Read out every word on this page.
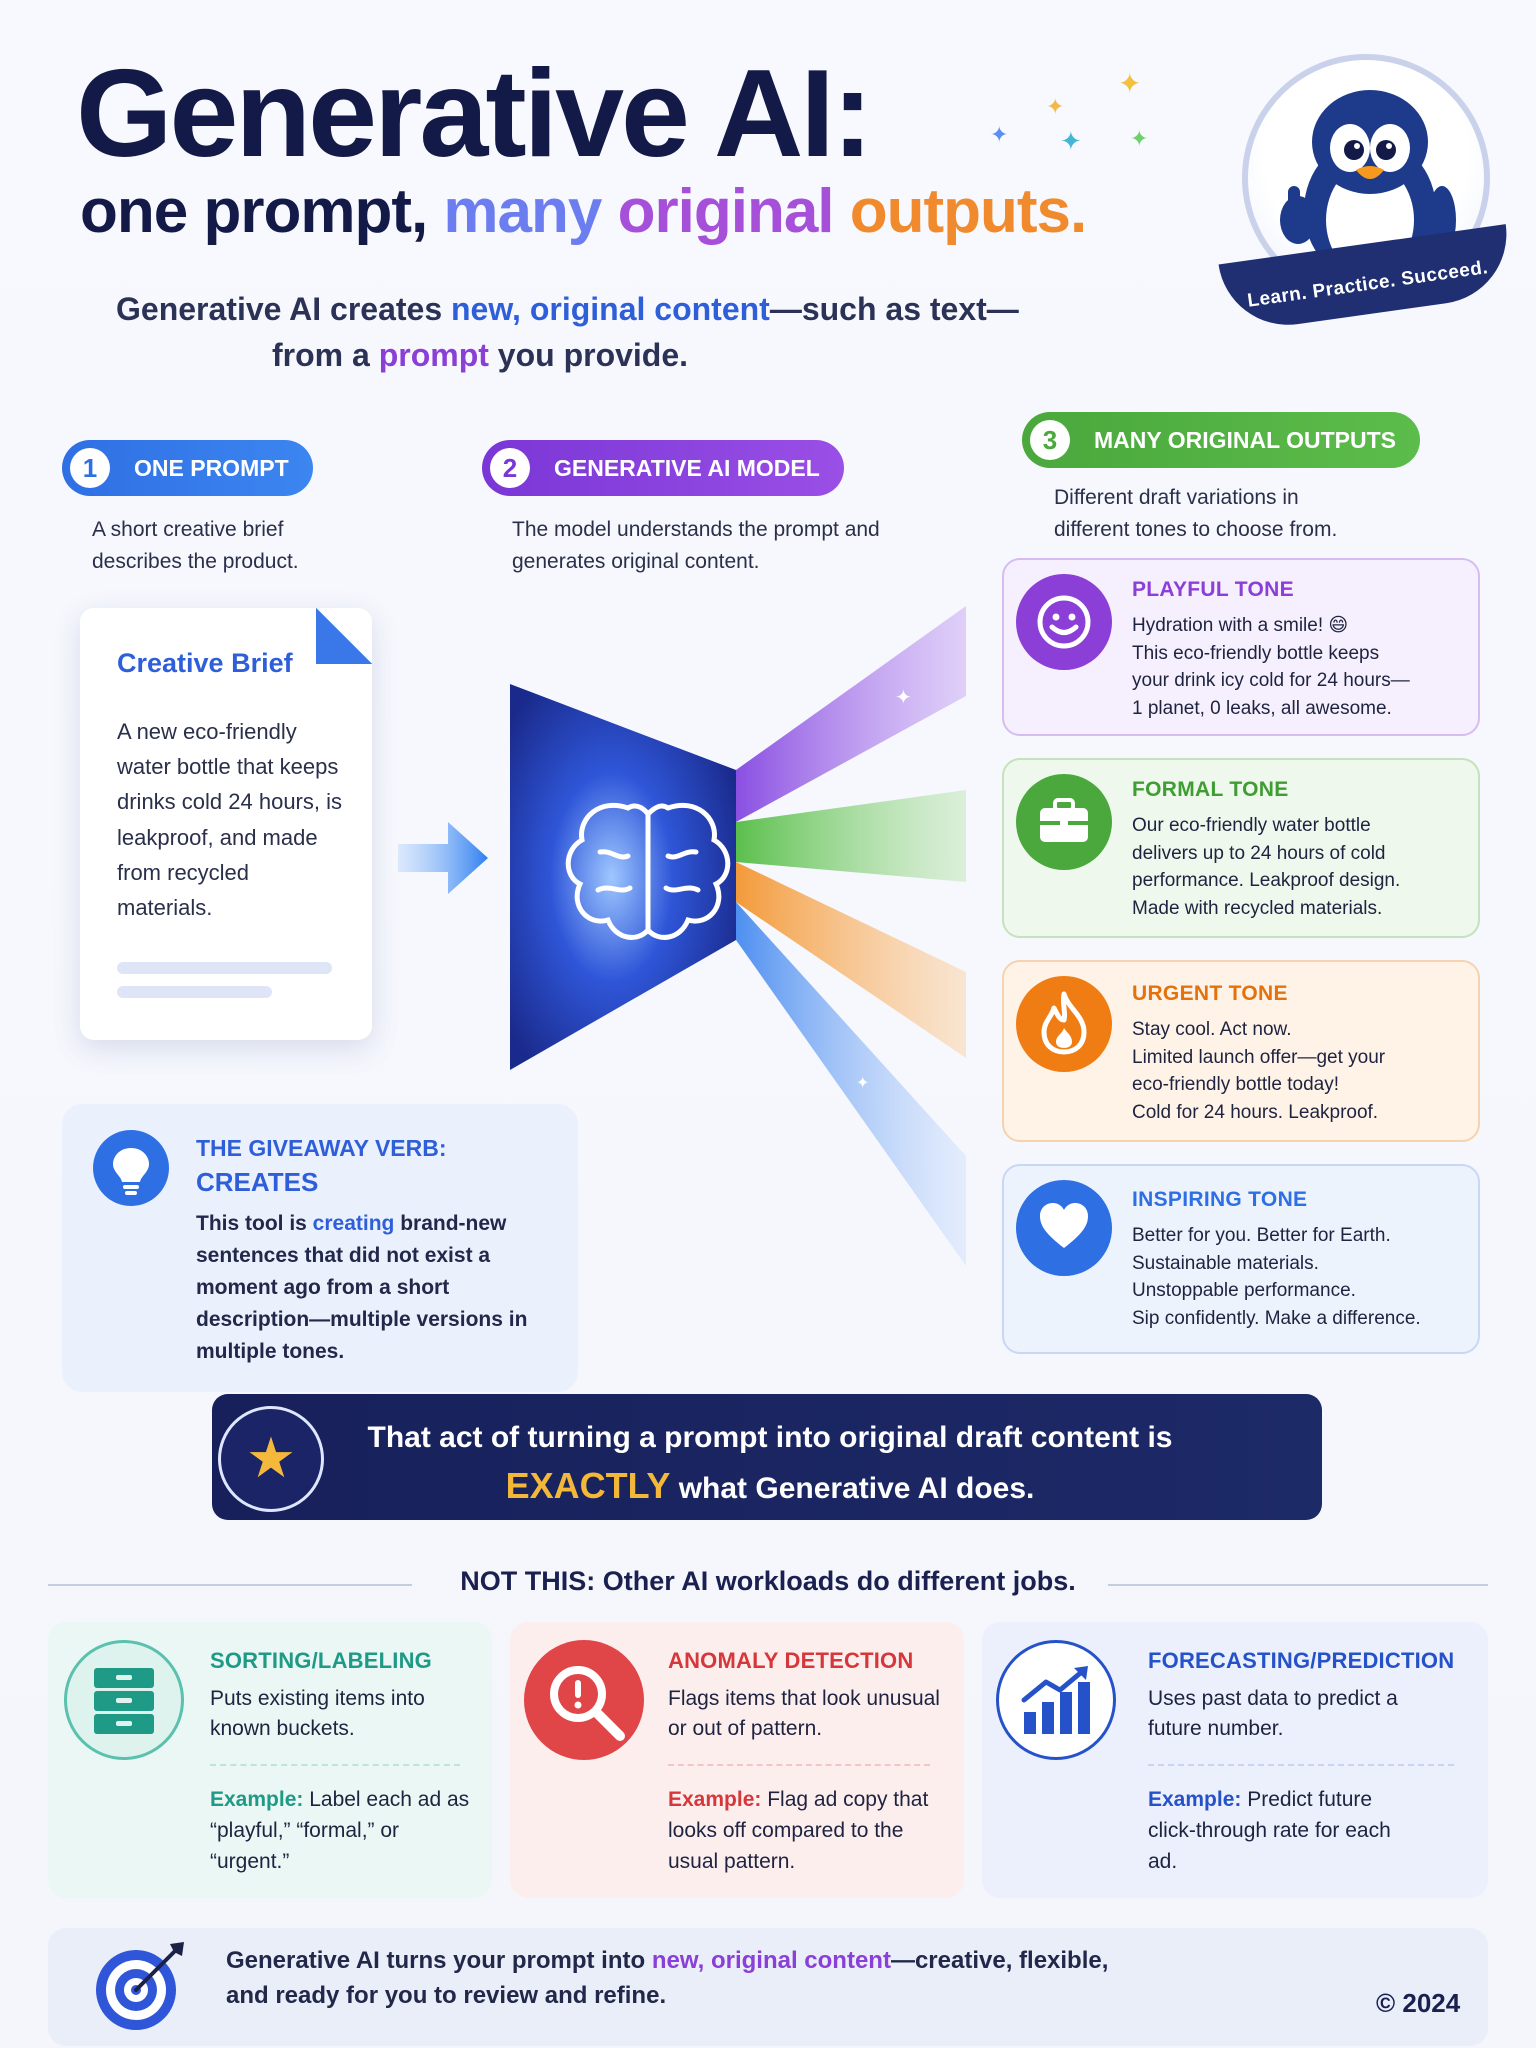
Generative AI:
one prompt, many original outputs.
✦
✦
✦ ✦ ✦
Generative AI creates new, original content—such as text—
from a prompt you provide.
Learn. Practice. Succeed.
1	ONE PROMPT
A short creative brief describes the product.
2	GENERATIVE AI MODEL
The model understands the prompt and generates original content.
3	MANY ORIGINAL OUTPUTS
Different draft variations in different tones to choose from.
Creative Brief
A new eco-friendly water bottle that keeps drinks cold 24 hours, is leakproof, and made from recycled materials.
✦
✦
THE GIVEAWAY VERB:
CREATES
This tool is creating brand-new sentences that did not exist a moment ago from a short description—multiple versions in multiple tones.
PLAYFUL TONE
Hydration with a smile! 😄
This eco-friendly bottle keeps
your drink icy cold for 24 hours—
1 planet, 0 leaks, all awesome.
FORMAL TONE
Our eco-friendly water bottle
delivers up to 24 hours of cold
performance. Leakproof design.
Made with recycled materials.
URGENT TONE
Stay cool. Act now.
Limited launch offer—get your
eco-friendly bottle today!
Cold for 24 hours. Leakproof.
INSPIRING TONE
Better for you. Better for Earth.
Sustainable materials.
Unstoppable performance.
Sip confidently. Make a difference.
★	That act of turning a prompt into original draft content is
EXACTLY what Generative AI does.
NOT THIS: Other AI workloads do different jobs.
SORTING/LABELING
Puts existing items into known buckets.
Example: Label each ad as “playful,” “formal,” or “urgent.”
ANOMALY DETECTION
Flags items that look unusual or out of pattern.
Example: Flag ad copy that looks off compared to the usual pattern.
FORECASTING/PREDICTION
Uses past data to predict a future number.
Example: Predict future click-through rate for each ad.
Generative AI turns your prompt into new, original content—creative, flexible,
and ready for you to review and refine.	© 2024
